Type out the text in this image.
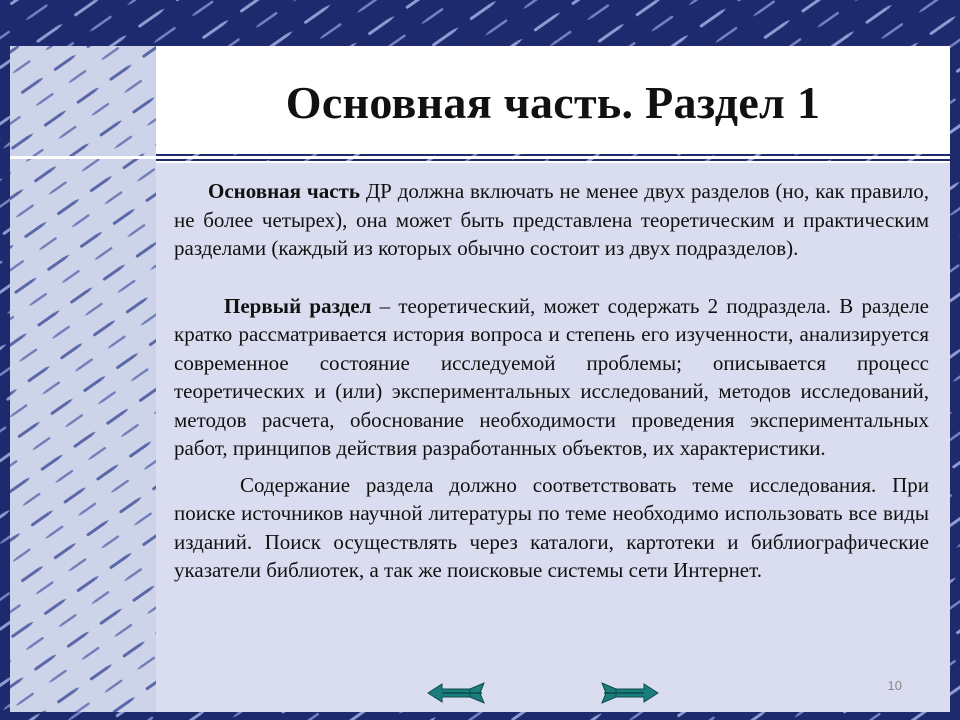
Основная часть. Раздел 1

Основная часть ДР должна включать не менее двух разделов (но, как правило, не более четырех), она может быть представлена теоретическим и практическим разделами (каждый из которых обычно состоит из двух подразделов).

Первый раздел – теоретический, может содержать 2 подраздела. В разделе кратко рассматривается история вопроса и степень его изученности, анализируется современное состояние исследуемой проблемы; описывается процесс теоретических и (или) экспериментальных исследований, методов исследований, методов расчета, обоснование необходимости проведения экспериментальных работ, принципов действия разработанных объектов, их характеристики.

Содержание раздела должно соответствовать теме исследования. При поиске источников научной литературы по теме необходимо использовать все виды изданий. Поиск осуществлять через каталоги, картотеки и библиографические указатели библиотек, а так же поисковые системы сети Интернет.

10
